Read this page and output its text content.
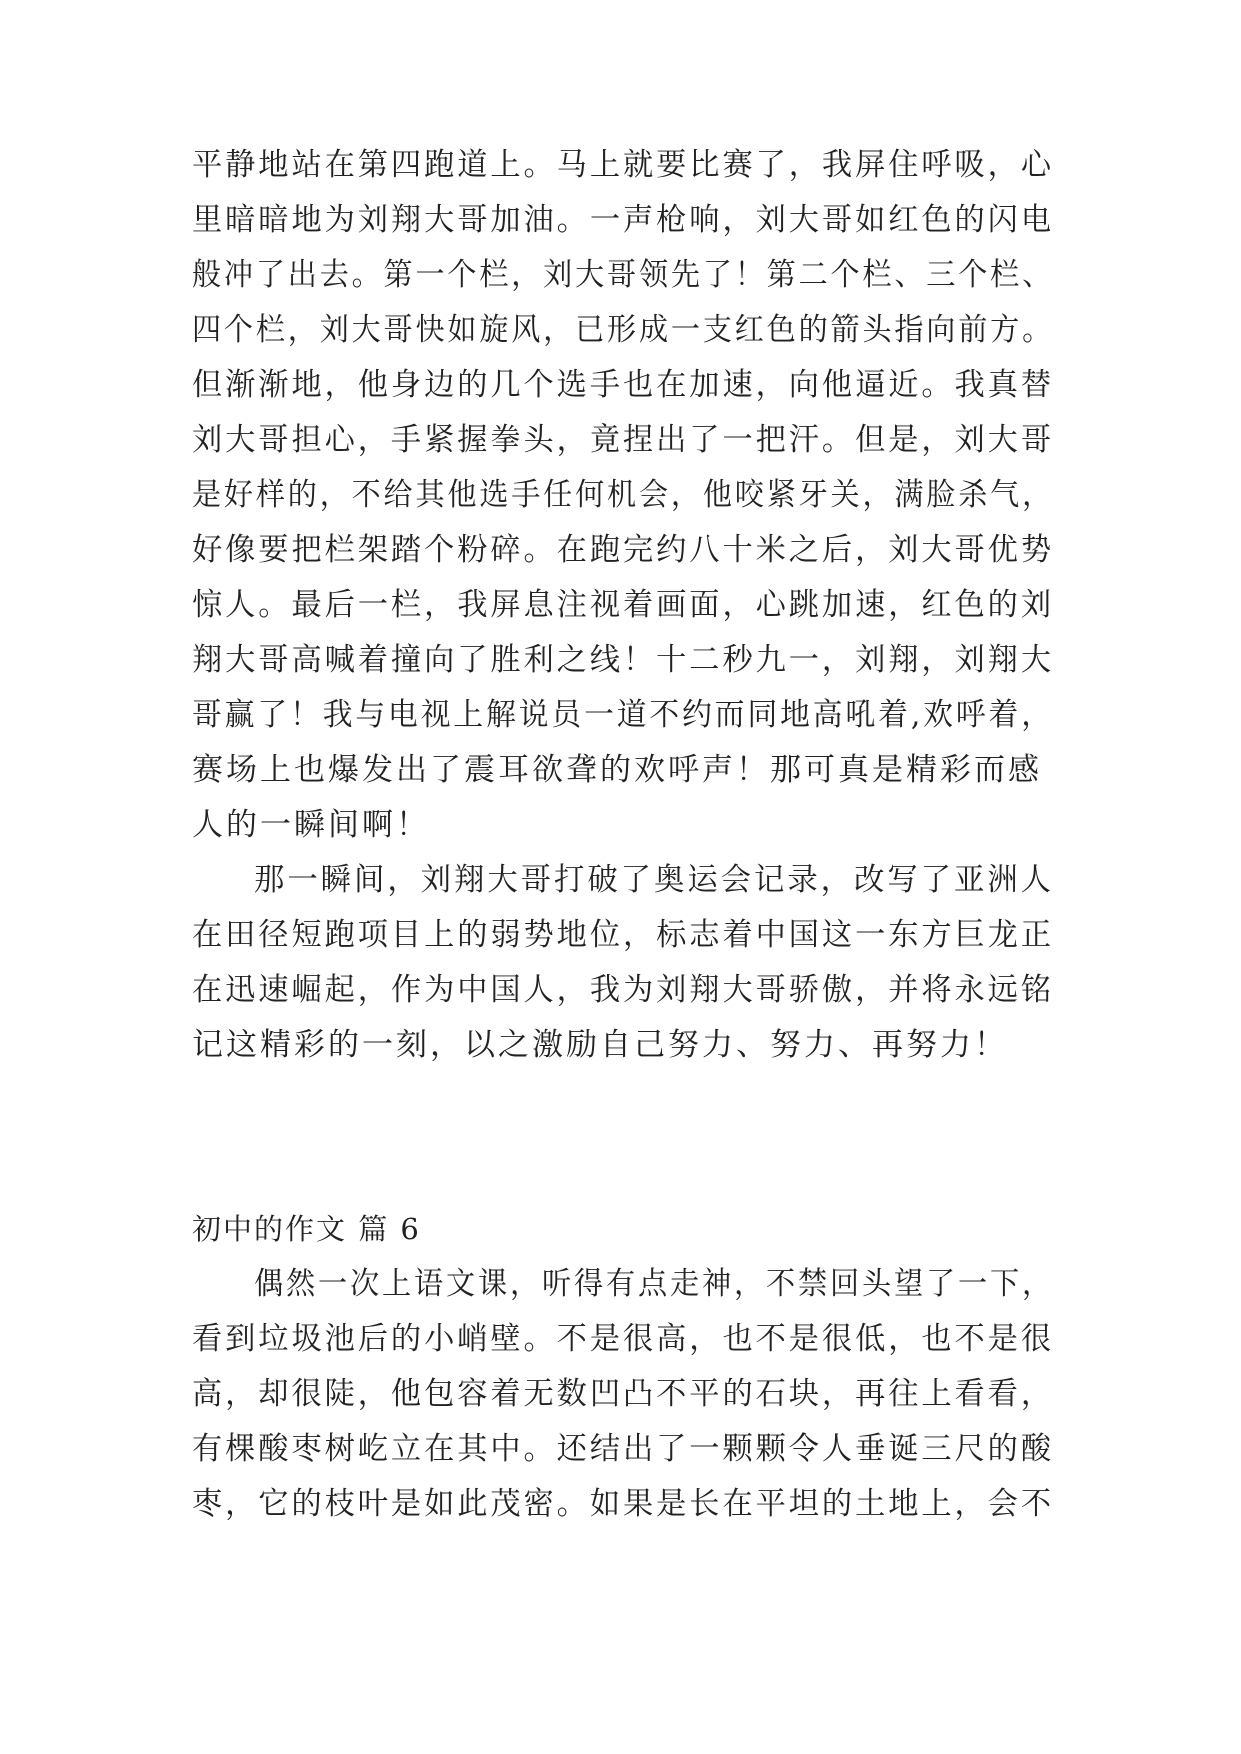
平静地站在第四跑道上。马上就要比赛了，我屏住呼吸，心
里暗暗地为刘翔大哥加油。一声枪响，刘大哥如红色的闪电
般冲了出去。第一个栏，刘大哥领先了！第二个栏、三个栏、
四个栏，刘大哥快如旋风，已形成一支红色的箭头指向前方。
但渐渐地，他身边的几个选手也在加速，向他逼近。我真替
刘大哥担心，手紧握拳头，竟捏出了一把汗。但是，刘大哥
是好样的，不给其他选手任何机会，他咬紧牙关，满脸杀气，
好像要把栏架踏个粉碎。在跑完约八十米之后，刘大哥优势
惊人。最后一栏，我屏息注视着画面，心跳加速，红色的刘
翔大哥高喊着撞向了胜利之线！十二秒九一，刘翔，刘翔大
哥赢了！我与电视上解说员一道不约而同地高吼着,欢呼着，
赛场上也爆发出了震耳欲聋的欢呼声！那可真是精彩而感
人的一瞬间啊！
那一瞬间，刘翔大哥打破了奥运会记录，改写了亚洲人
在田径短跑项目上的弱势地位，标志着中国这一东方巨龙正
在迅速崛起，作为中国人，我为刘翔大哥骄傲，并将永远铭
记这精彩的一刻，以之激励自己努力、努力、再努力！
初中的作文 篇 6
偶然一次上语文课，听得有点走神，不禁回头望了一下，
看到垃圾池后的小峭壁。不是很高，也不是很低，也不是很
高，却很陡，他包容着无数凹凸不平的石块，再往上看看，
有棵酸枣树屹立在其中。还结出了一颗颗令人垂诞三尺的酸
枣，它的枝叶是如此茂密。如果是长在平坦的土地上，会不
